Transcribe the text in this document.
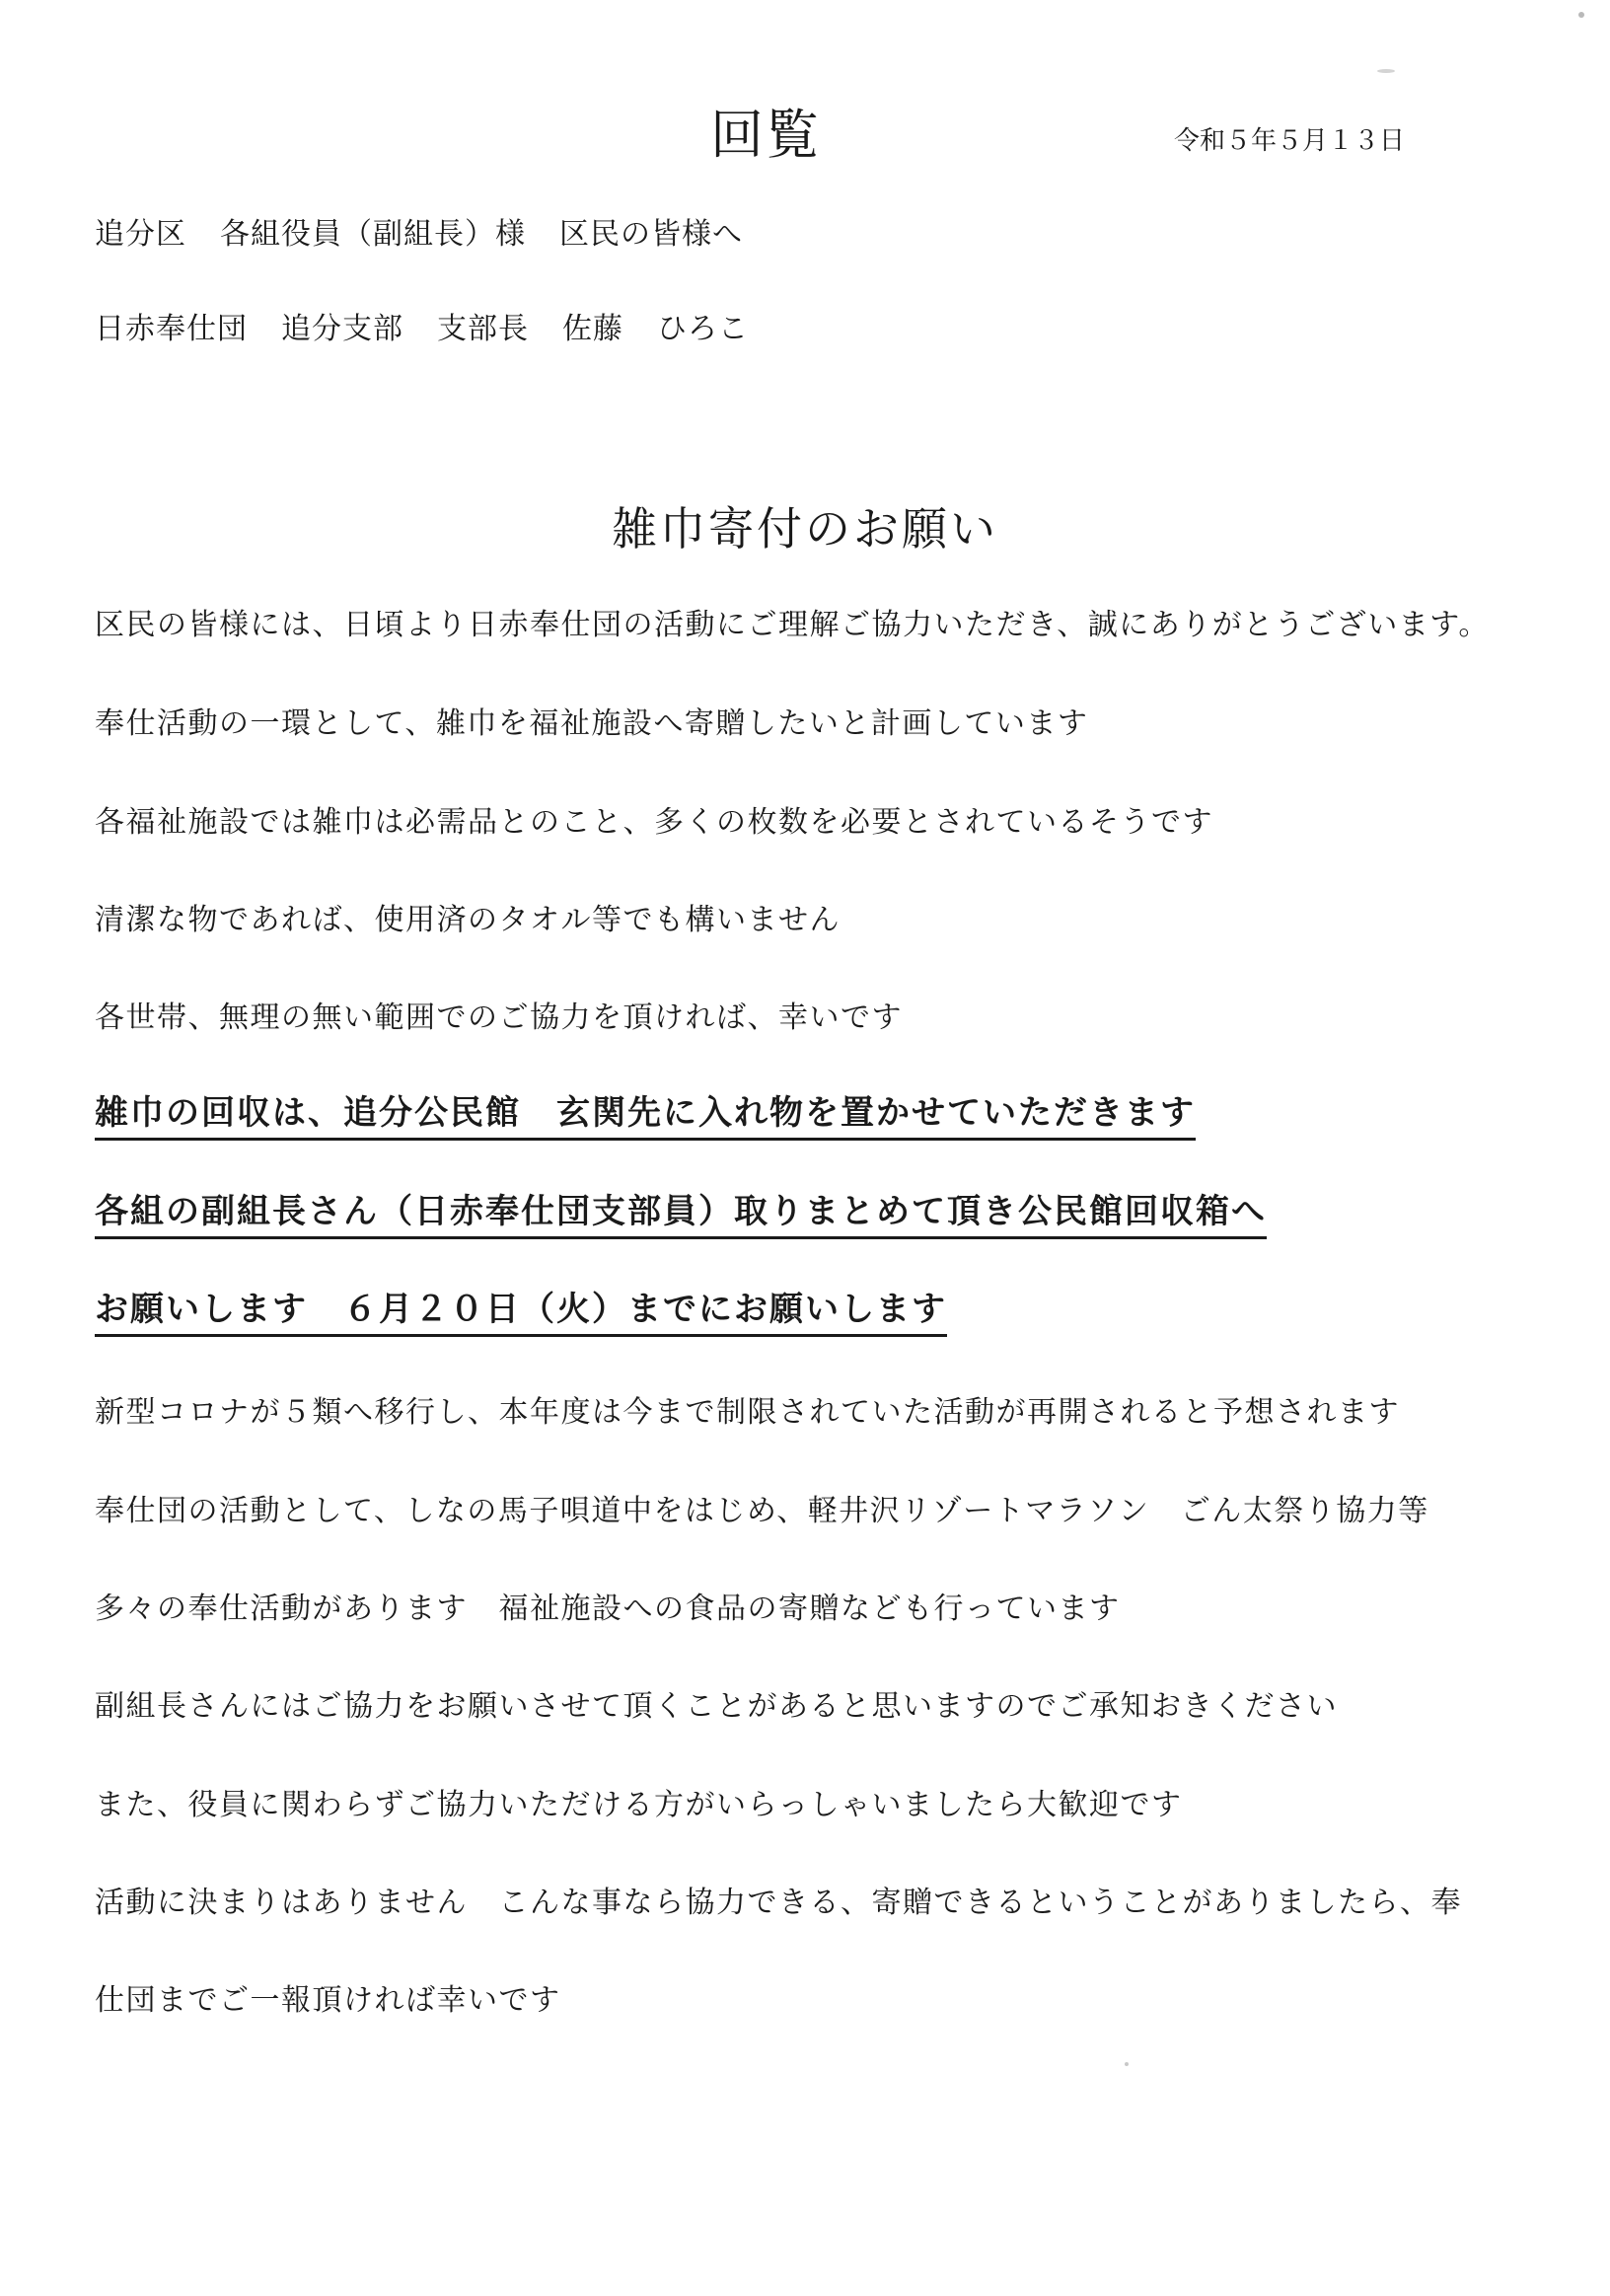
回覧	令和５年５月１３日
追分区 各組役員（副組長）様 区民の皆様へ
日赤奉仕団 追分支部 支部長 佐藤 ひろこ
雑巾寄付のお願い
区民の皆様には、日頃より日赤奉仕団の活動にご理解ご協力いただき、誠にありがとうございます。
奉仕活動の一環として、雑巾を福祉施設へ寄贈したいと計画しています
各福祉施設では雑巾は必需品とのこと、多くの枚数を必要とされているそうです
清潔な物であれば、使用済のタオル等でも構いません
各世帯、無理の無い範囲でのご協力を頂ければ、幸いです
雑巾の回収は、追分公民館　玄関先に入れ物を置かせていただきます
各組の副組長さん（日赤奉仕団支部員）取りまとめて頂き公民館回収箱へ
お願いします　６月２０日（火）までにお願いします
新型コロナが５類へ移行し、本年度は今まで制限されていた活動が再開されると予想されます
奉仕団の活動として、しなの馬子唄道中をはじめ、軽井沢リゾートマラソン　ごん太祭り協力等
多々の奉仕活動があります　福祉施設への食品の寄贈なども行っています
副組長さんにはご協力をお願いさせて頂くことがあると思いますのでご承知おきください
また、役員に関わらずご協力いただける方がいらっしゃいましたら大歓迎です
活動に決まりはありません　こんな事なら協力できる、寄贈できるということがありましたら、奉
仕団までご一報頂ければ幸いです
